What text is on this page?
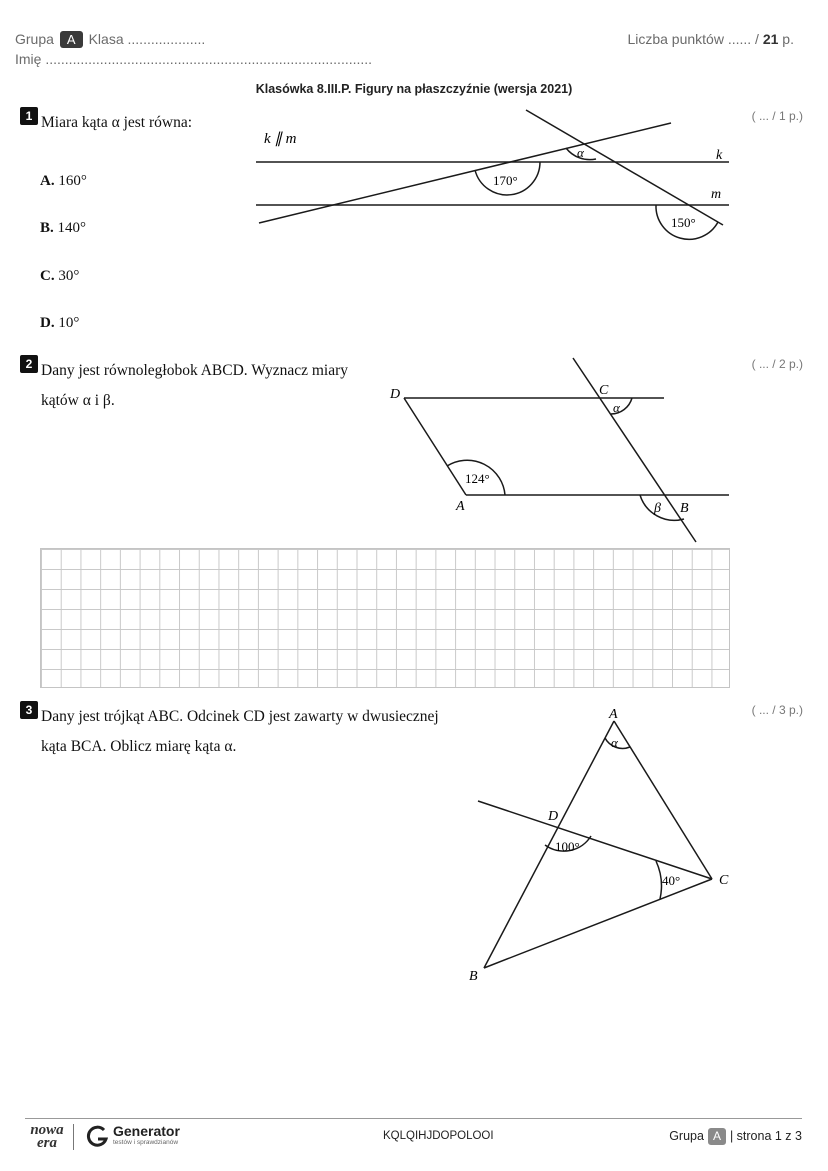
Grupa A Klasa ....................
Imię ....................................................................................
Liczba punktów ...... / 21 p.
Klasówka 8.III.P. Figury na płaszczyźnie (wersja 2021)
1 Miara kąta α jest równa:	( ... / 1 p.)
A. 160°
B. 140°
C. 30°
D. 10°
k ∥ m
k
m
α
170°
150°
D	C
A	B
124°
α
β
A
D
C
B
α
100°
40°
2 Dany jest równoległobok ABCD. Wyznacz miary
kątów α i β.
( ... / 2 p.)
3 Dany jest trójkąt ABC. Odcinek CD jest zawarty w dwusiecznej
kąta BCA. Oblicz miarę kąta α.
( ... / 3 p.)
nowa
era
Generator
testów i sprawdzianów
KQLQIHJDOPOLOOI	Grupa A | strona 1 z 3
